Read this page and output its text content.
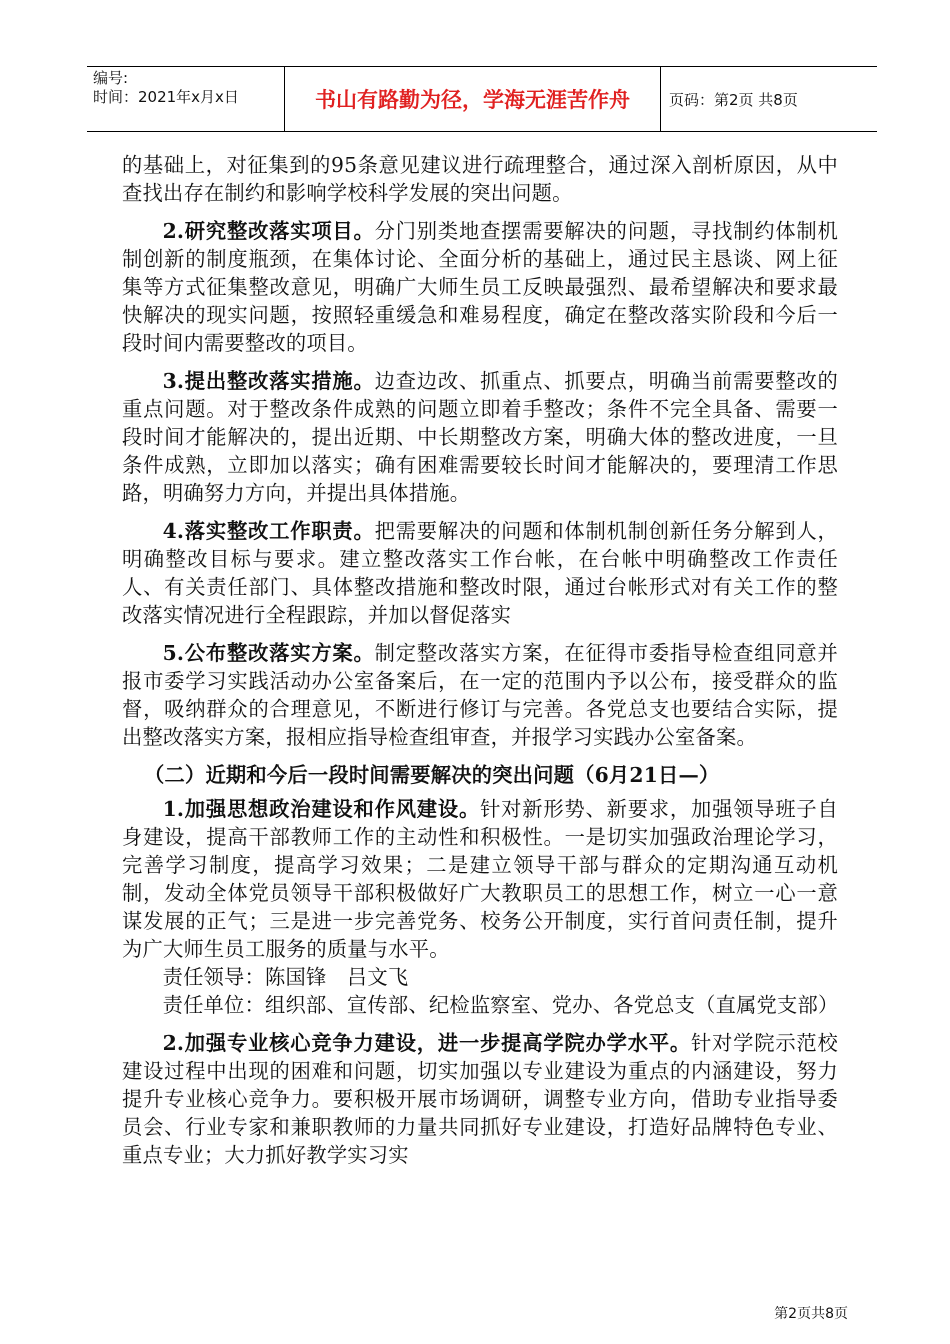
编号:
时间：2021年x月x日	书山有路勤为径，学海无涯苦作舟	页码：第2页 共8页

的基础上，对征集到的95条意见建议进行疏理整合，通过深入剖析原因，从中查找出存在制约和影响学校科学发展的突出问题。

2.研究整改落实项目。分门别类地查摆需要解决的问题，寻找制约体制机制创新的制度瓶颈，在集体讨论、全面分析的基础上，通过民主恳谈、网上征集等方式征集整改意见，明确广大师生员工反映最强烈、最希望解决和要求最快解决的现实问题，按照轻重缓急和难易程度，确定在整改落实阶段和今后一段时间内需要整改的项目。

3.提出整改落实措施。边查边改、抓重点、抓要点，明确当前需要整改的重点问题。对于整改条件成熟的问题立即着手整改；条件不完全具备、需要一段时间才能解决的，提出近期、中长期整改方案，明确大体的整改进度，一旦条件成熟，立即加以落实；确有困难需要较长时间才能解决的，要理清工作思路，明确努力方向，并提出具体措施。

4.落实整改工作职责。把需要解决的问题和体制机制创新任务分解到人，明确整改目标与要求。建立整改落实工作台帐，在台帐中明确整改工作责任人、有关责任部门、具体整改措施和整改时限，通过台帐形式对有关工作的整改落实情况进行全程跟踪，并加以督促落实

5.公布整改落实方案。制定整改落实方案，在征得市委指导检查组同意并报市委学习实践活动办公室备案后，在一定的范围内予以公布，接受群众的监督，吸纳群众的合理意见，不断进行修订与完善。各党总支也要结合实际，提出整改落实方案，报相应指导检查组审查，并报学习实践办公室备案。

（二）近期和今后一段时间需要解决的突出问题（6月21日—）

1.加强思想政治建设和作风建设。针对新形势、新要求，加强领导班子自身建设，提高干部教师工作的主动性和积极性。一是切实加强政治理论学习，完善学习制度，提高学习效果；二是建立领导干部与群众的定期沟通互动机制，发动全体党员领导干部积极做好广大教职员工的思想工作，树立一心一意谋发展的正气；三是进一步完善党务、校务公开制度，实行首问责任制，提升为广大师生员工服务的质量与水平。

责任领导：陈国锋　吕文飞

责任单位：组织部、宣传部、纪检监察室、党办、各党总支（直属党支部）

2.加强专业核心竞争力建设，进一步提高学院办学水平。针对学院示范校建设过程中出现的困难和问题，切实加强以专业建设为重点的内涵建设，努力提升专业核心竞争力。要积极开展市场调研，调整专业方向，借助专业指导委员会、行业专家和兼职教师的力量共同抓好专业建设，打造好品牌特色专业、重点专业；大力抓好教学实习实

第2页共8页
